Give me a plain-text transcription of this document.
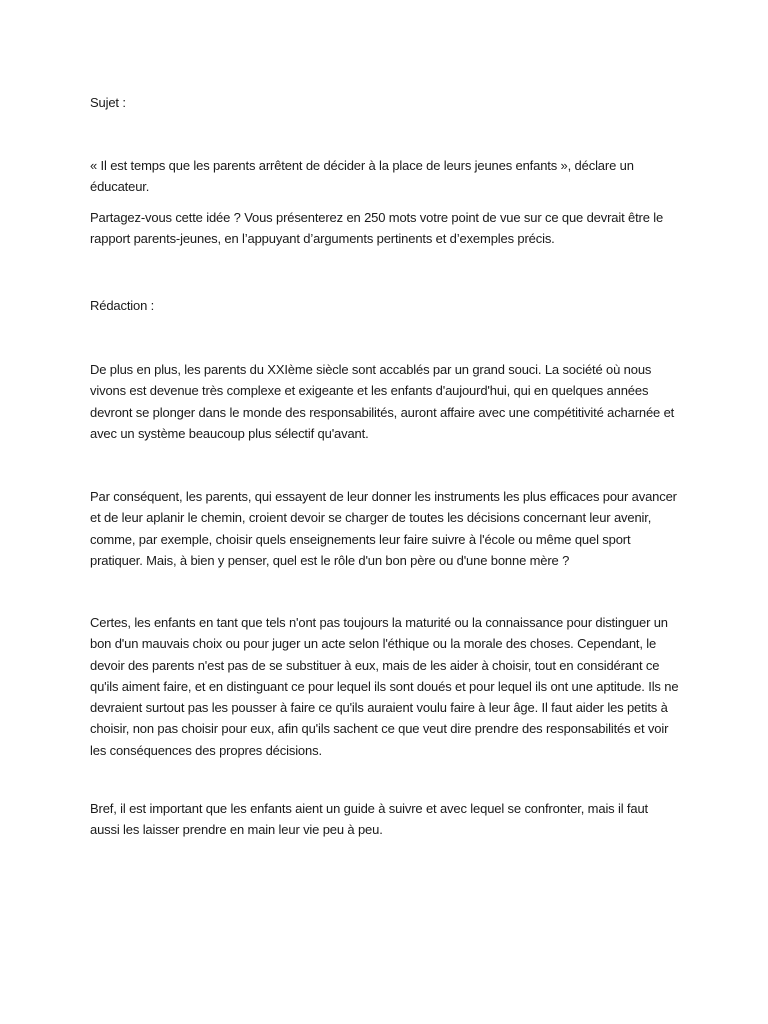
Sujet :

« Il est temps que les parents arrêtent de décider à la place de leurs jeunes enfants », déclare un éducateur.

Partagez-vous cette idée ? Vous présenterez en 250 mots votre point de vue sur ce que devrait être le rapport parents-jeunes, en l’appuyant d’arguments pertinents et d’exemples précis.

Rédaction :

De plus en plus, les parents du XXIème siècle sont accablés par un grand souci. La société où nous vivons est devenue très complexe et exigeante et les enfants d'aujourd'hui, qui en quelques années devront se plonger dans le monde des responsabilités, auront affaire avec une compétitivité acharnée et avec un système beaucoup plus sélectif qu'avant.

Par conséquent, les parents, qui essayent de leur donner les instruments les plus efficaces pour avancer et de leur aplanir le chemin, croient devoir se charger de toutes les décisions concernant leur avenir, comme, par exemple, choisir quels enseignements leur faire suivre à l'école ou même quel sport pratiquer. Mais, à bien y penser, quel est le rôle d'un bon père ou d'une bonne mère ?

Certes, les enfants en tant que tels n'ont pas toujours la maturité ou la connaissance pour distinguer un bon d'un mauvais choix ou pour juger un acte selon l'éthique ou la morale des choses. Cependant, le devoir des parents n'est pas de se substituer à eux, mais de les aider à choisir, tout en considérant ce qu'ils aiment faire, et en distinguant ce pour lequel ils sont doués et pour lequel ils ont une aptitude. Ils ne devraient surtout pas les pousser à faire ce qu'ils auraient voulu faire à leur âge. Il faut aider les petits à choisir, non pas choisir pour eux, afin qu'ils sachent ce que veut dire prendre des responsabilités et voir les conséquences des propres décisions.

Bref, il est important que les enfants aient un guide à suivre et avec lequel se confronter, mais il faut aussi les laisser prendre en main leur vie peu à peu.
